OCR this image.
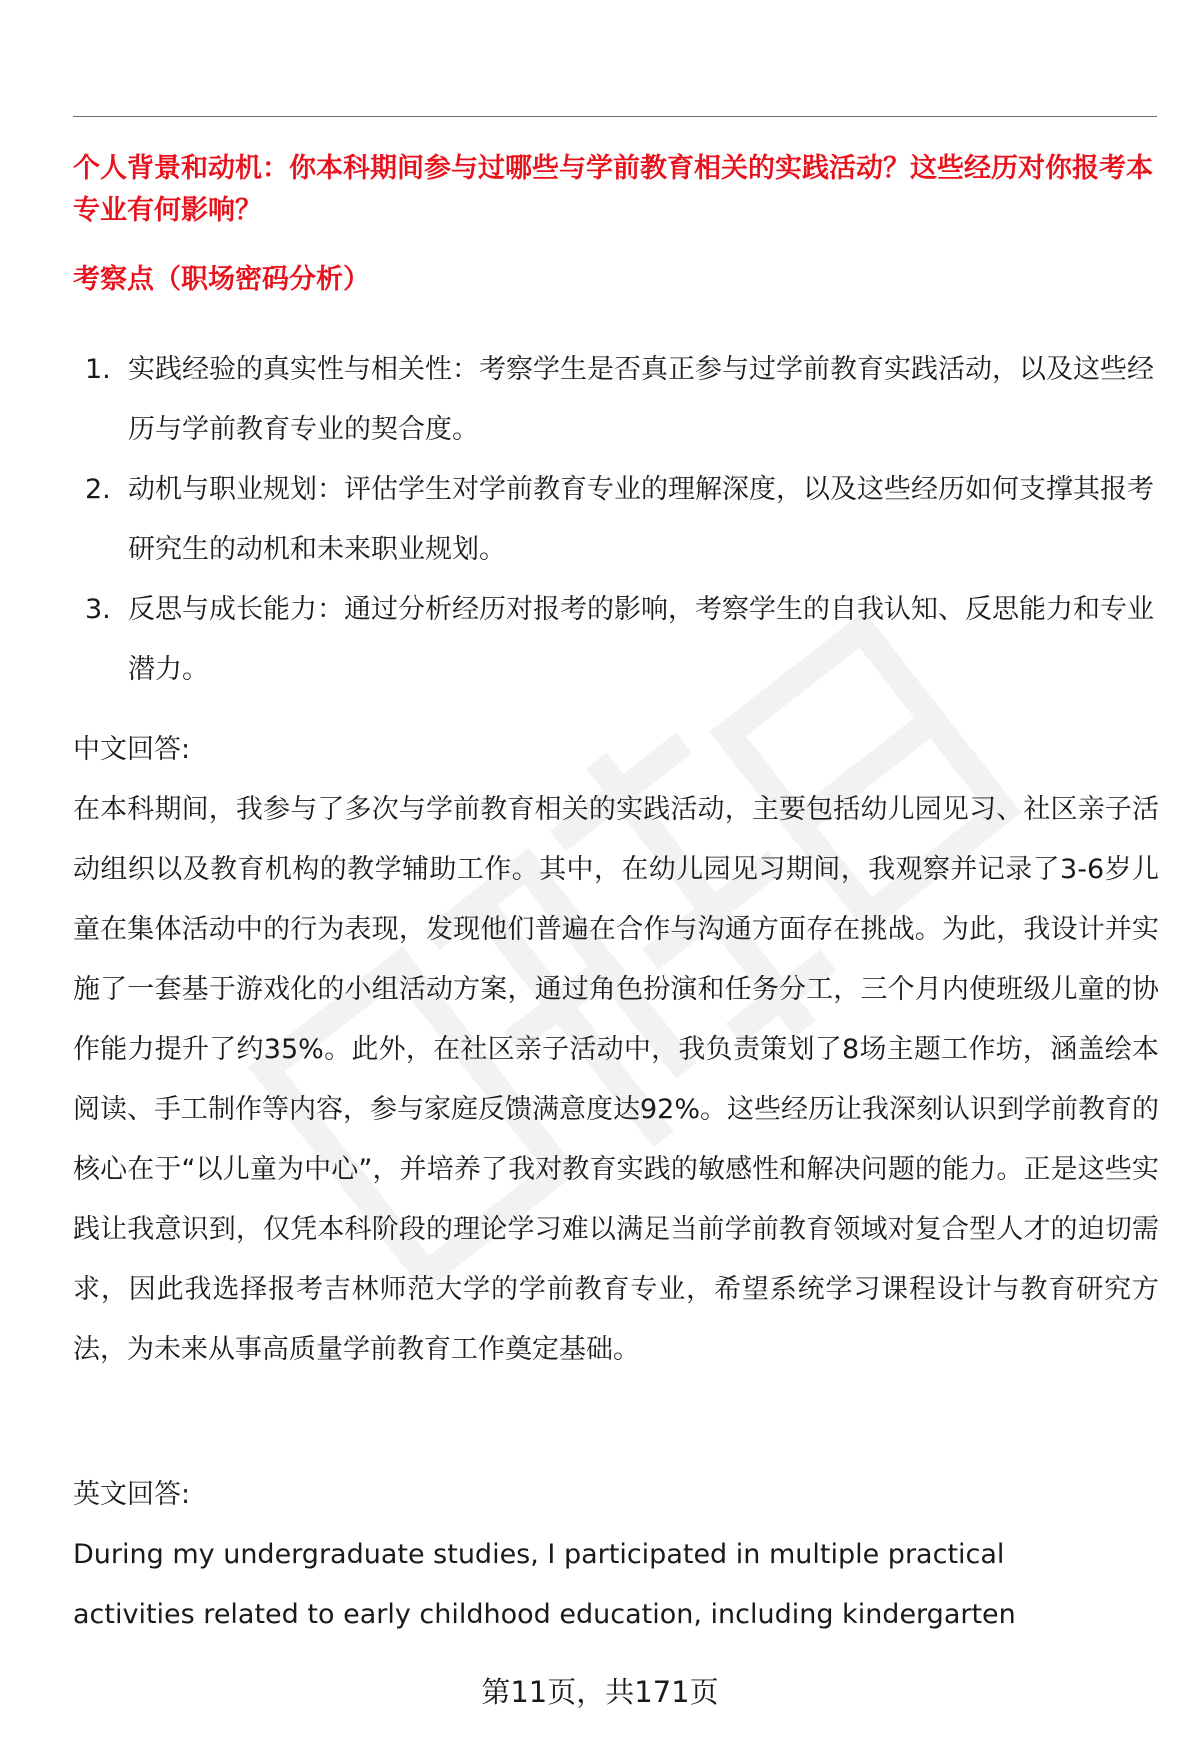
个人背景和动机：你本科期间参与过哪些与学前教育相关的实践活动？这些经历对你报考本专业有何影响？

考察点（职场密码分析）

1. 实践经验的真实性与相关性：考察学生是否真正参与过学前教育实践活动，以及这些经历与学前教育专业的契合度。
2. 动机与职业规划：评估学生对学前教育专业的理解深度，以及这些经历如何支撑其报考研究生的动机和未来职业规划。
3. 反思与成长能力：通过分析经历对报考的影响，考察学生的自我认知、反思能力和专业潜力。

中文回答:

在本科期间，我参与了多次与学前教育相关的实践活动，主要包括幼儿园见习、社区亲子活动组织以及教育机构的教学辅助工作。其中，在幼儿园见习期间，我观察并记录了3-6岁儿童在集体活动中的行为表现，发现他们普遍在合作与沟通方面存在挑战。为此，我设计并实施了一套基于游戏化的小组活动方案，通过角色扮演和任务分工，三个月内使班级儿童的协作能力提升了约35%。此外，在社区亲子活动中，我负责策划了8场主题工作坊，涵盖绘本阅读、手工制作等内容，参与家庭反馈满意度达92%。这些经历让我深刻认识到学前教育的核心在于“以儿童为中心”，并培养了我对教育实践的敏感性和解决问题的能力。正是这些实践让我意识到，仅凭本科阶段的理论学习难以满足当前学前教育领域对复合型人才的迫切需求，因此我选择报考吉林师范大学的学前教育专业，希望系统学习课程设计与教育研究方法，为未来从事高质量学前教育工作奠定基础。

英文回答:

During my undergraduate studies, I participated in multiple practical activities related to early childhood education, including kindergarten

第11页，共171页
